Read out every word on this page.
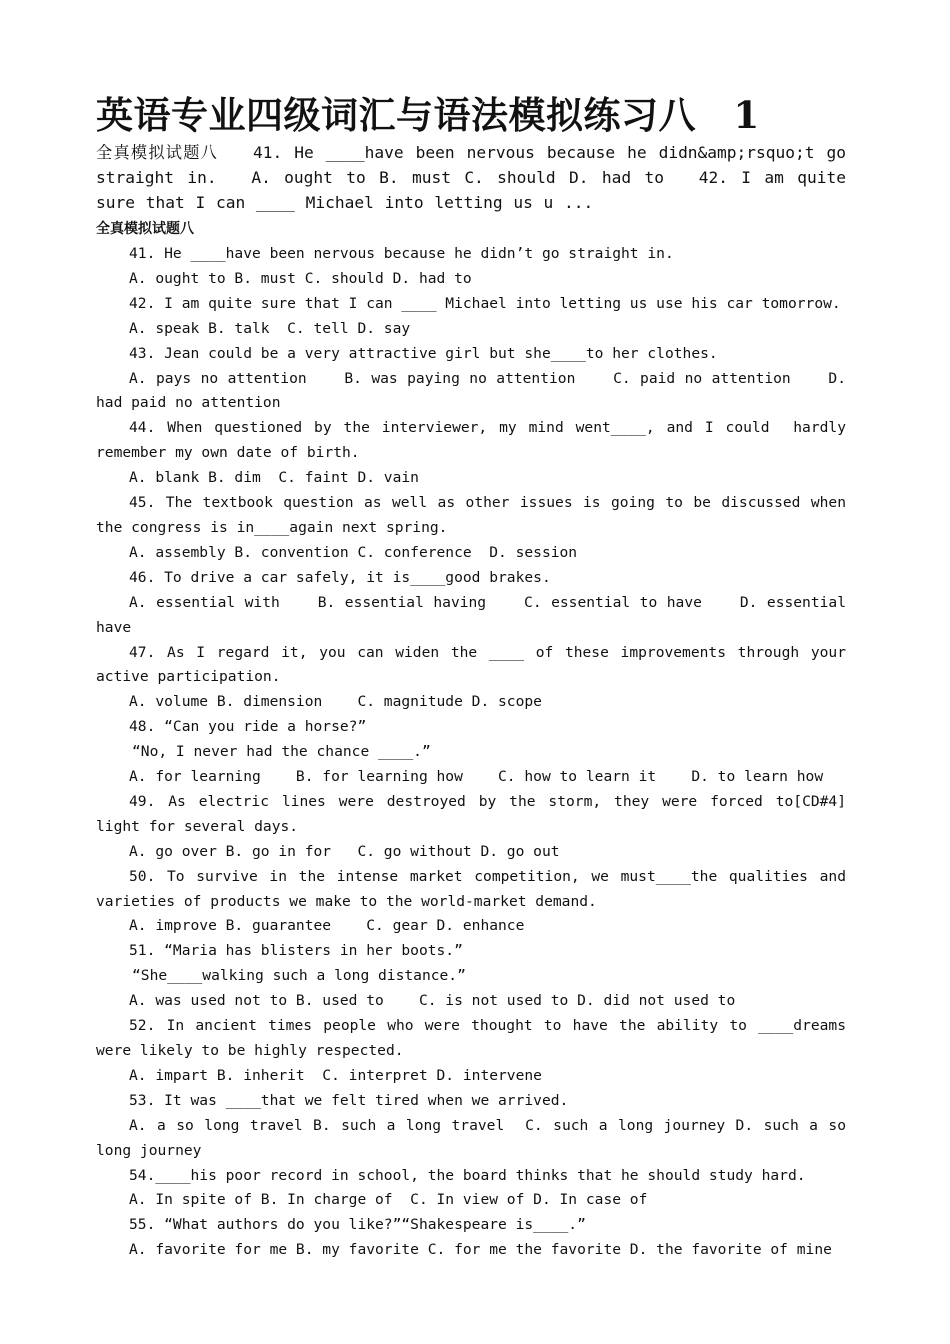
英语专业四级词汇与语法模拟练习八　1

全真模拟试题八　　41. He ____have been nervous because he didn&amp;rsquo;t go straight in.　 A. ought to B. must C. should D. had to　 42. I am quite sure that I can ____ Michael into letting us u ...

全真模拟试题八

41. He ____have been nervous because he didn’t go straight in.

A. ought to B. must C. should D. had to

42. I am quite sure that I can ____ Michael into letting us use his car tomorrow.

A. speak B. talk  C. tell D. say

43. Jean could be a very attractive girl but she____to her clothes.

A. pays no attention    B. was paying no attention    C. paid no attention    D. had paid no attention

44. When questioned by the interviewer, my mind went____, and I could  hardly remember my own date of birth.

A. blank B. dim  C. faint D. vain

45. The textbook question as well as other issues is going to be discussed when the congress is in____again next spring.

A. assembly B. convention C. conference  D. session

46. To drive a car safely, it is____good brakes.

A. essential with    B. essential having    C. essential to have    D. essential have

47. As I regard it, you can widen the ____ of these improvements through your active participation.

A. volume B. dimension    C. magnitude D. scope

48. “Can you ride a horse?”

“No, I never had the chance ____.”

A. for learning    B. for learning how    C. how to learn it    D. to learn how

49. As electric lines were destroyed by the storm, they were forced to[CD#4] light for several days.

A. go over B. go in for   C. go without D. go out

50. To survive in the intense market competition, we must____the qualities and varieties of products we make to the world-market demand.

A. improve B. guarantee    C. gear D. enhance

51. “Maria has blisters in her boots.”

“She____walking such a long distance.”

A. was used not to B. used to    C. is not used to D. did not used to

52. In ancient times people who were thought to have the ability to ____dreams were likely to be highly respected.

A. impart B. inherit  C. interpret D. intervene

53. It was ____that we felt tired when we arrived.

A. a so long travel B. such a long travel  C. such a long journey D. such a so long journey

54.____his poor record in school, the board thinks that he should study hard.

A. In spite of B. In charge of  C. In view of D. In case of

55. “What authors do you like?”“Shakespeare is____.”

A. favorite for me B. my favorite C. for me the favorite D. the favorite of mine
